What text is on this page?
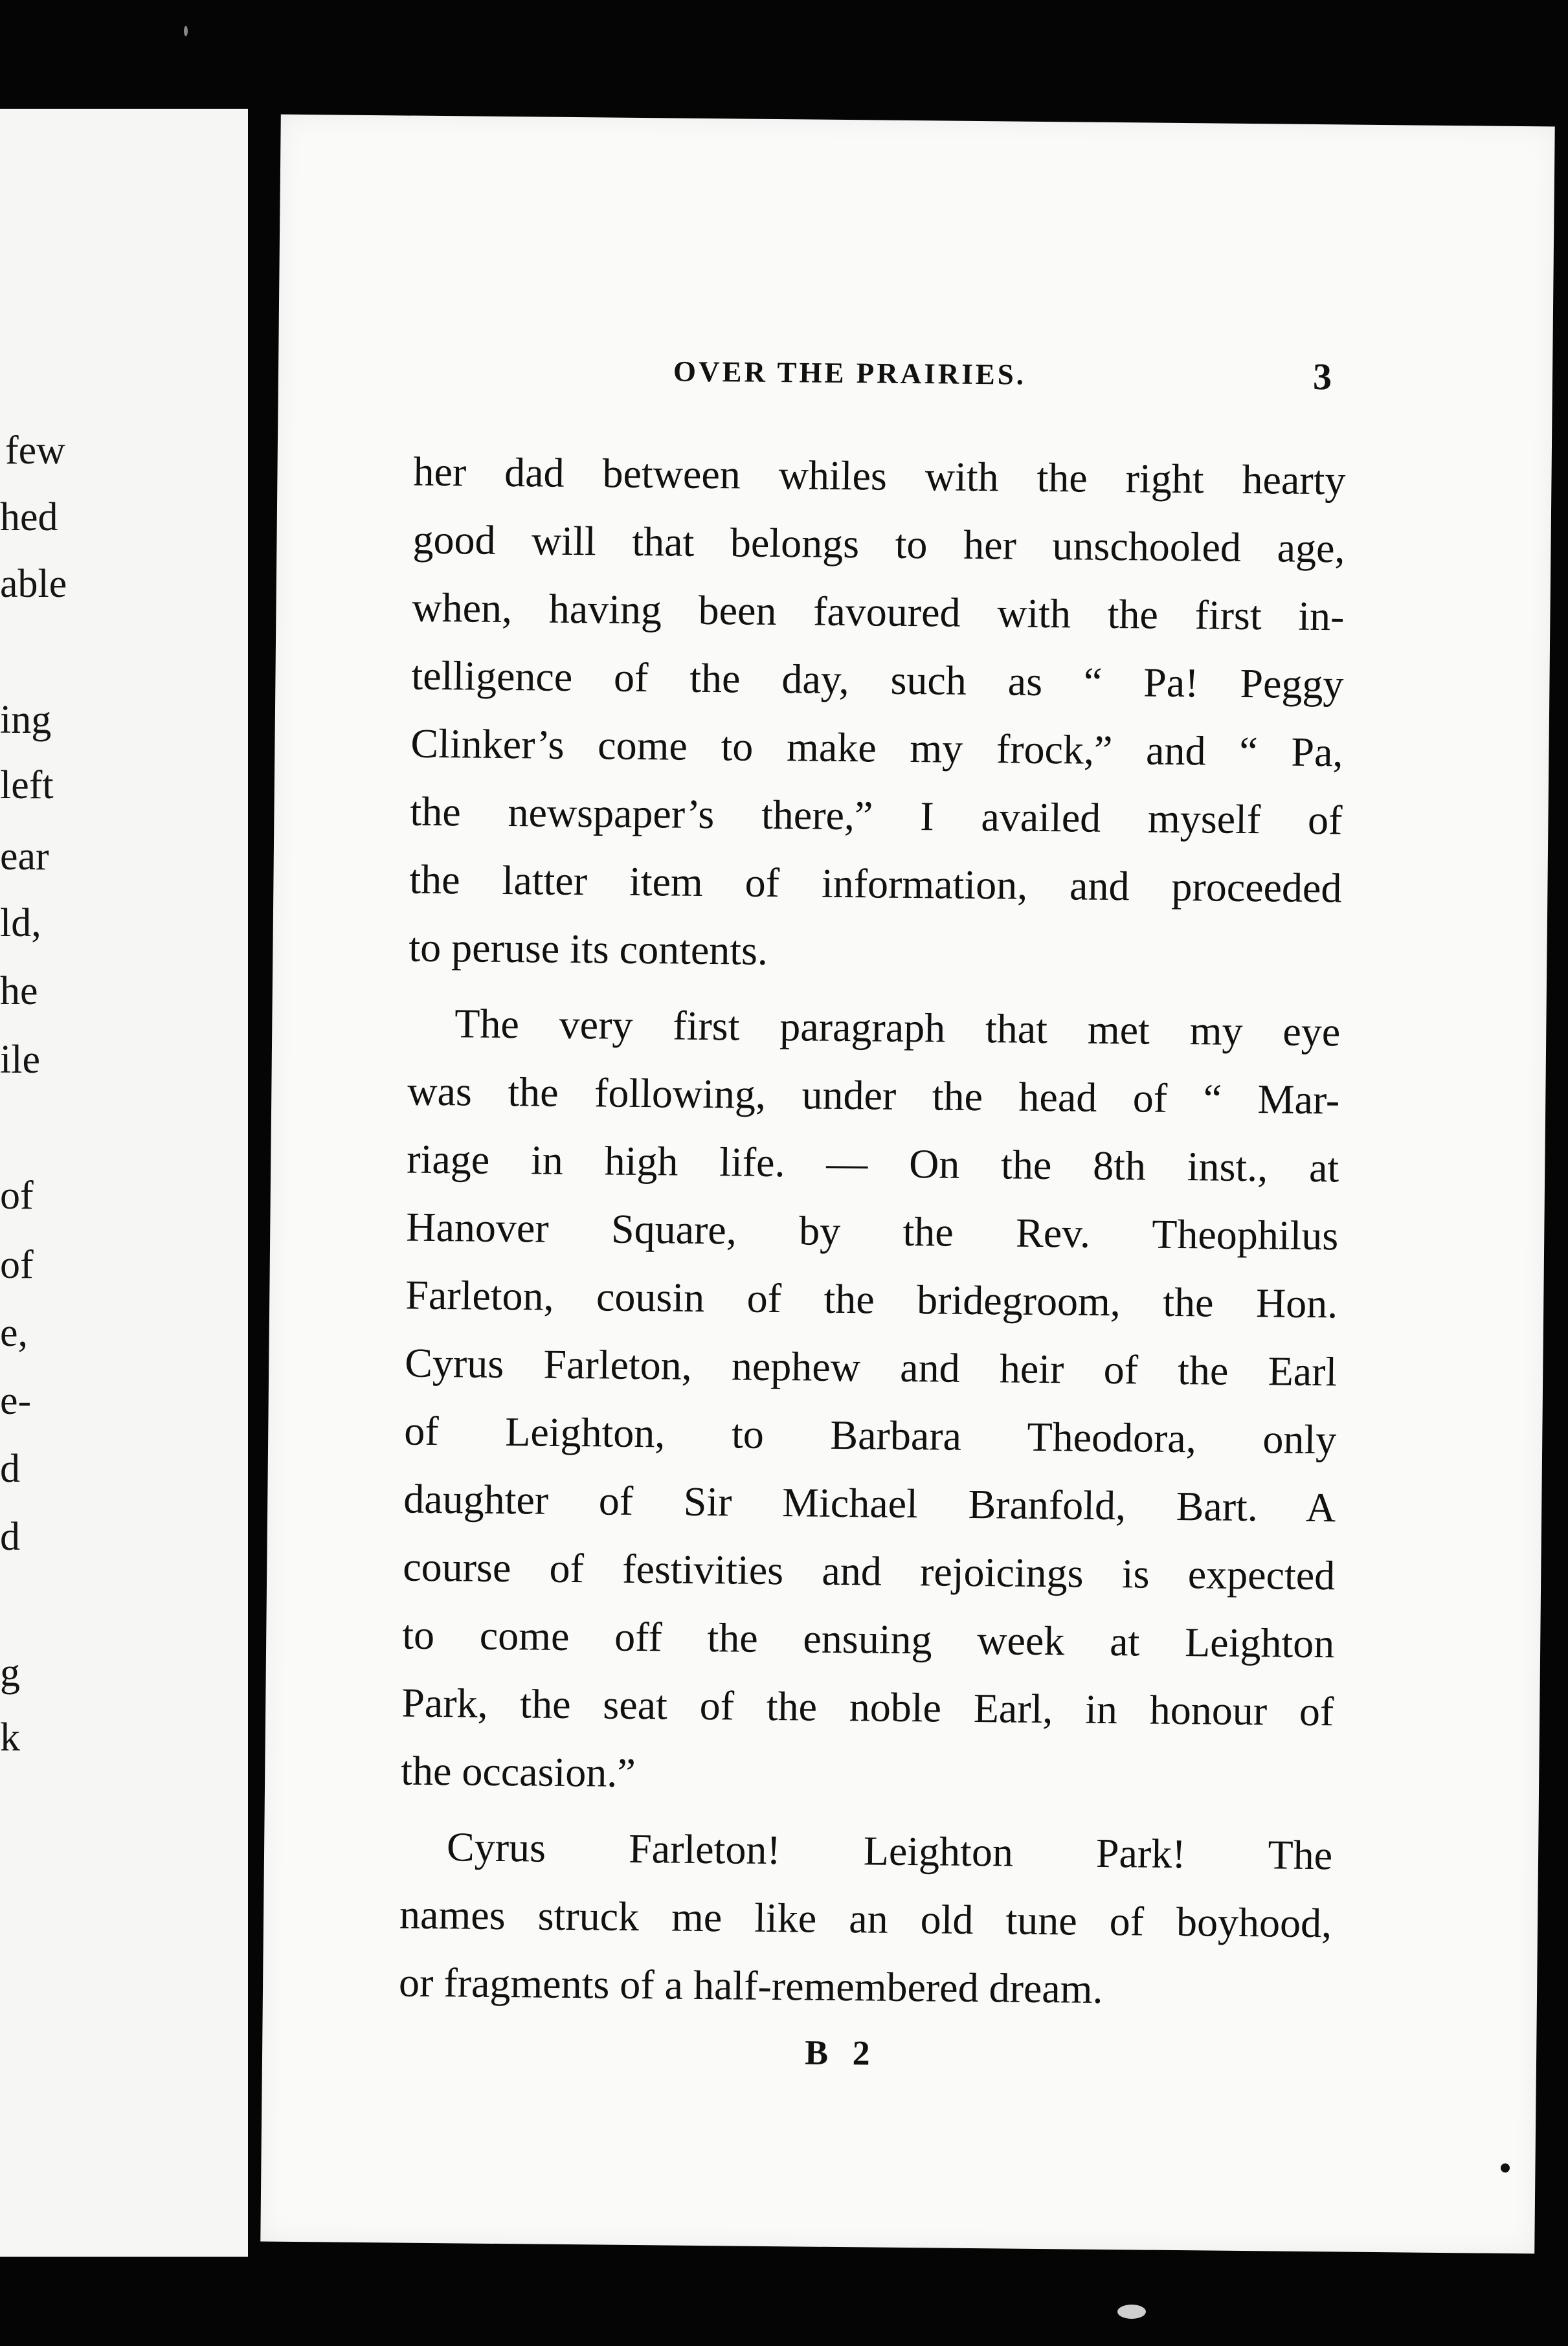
few
hed
able
ing
left
ear
ld,
he
ile
of
of
e,
e-
d
d
g
k
OVER THE PRAIRIES.	3
her dad between whiles with the right hearty
good will that belongs to her unschooled age,
when, having been favoured with the first in-
telligence of the day, such as “ Pa! Peggy
Clinker’s come to make my frock,” and “ Pa,
the newspaper’s there,” I availed myself of
the latter item of information, and proceeded
to peruse its contents.
The very first paragraph that met my eye
was the following, under the head of “ Mar-
riage in high life. — On the 8th inst., at
Hanover Square, by the Rev. Theophilus
Farleton, cousin of the bridegroom, the Hon.
Cyrus Farleton, nephew and heir of the Earl
of Leighton, to Barbara Theodora, only
daughter of Sir Michael Branfold, Bart. A
course of festivities and rejoicings is expected
to come off the ensuing week at Leighton
Park, the seat of the noble Earl, in honour of
the occasion.”
Cyrus Farleton! Leighton Park! The
names struck me like an old tune of boyhood,
or fragments of a half-remembered dream.
B 2
